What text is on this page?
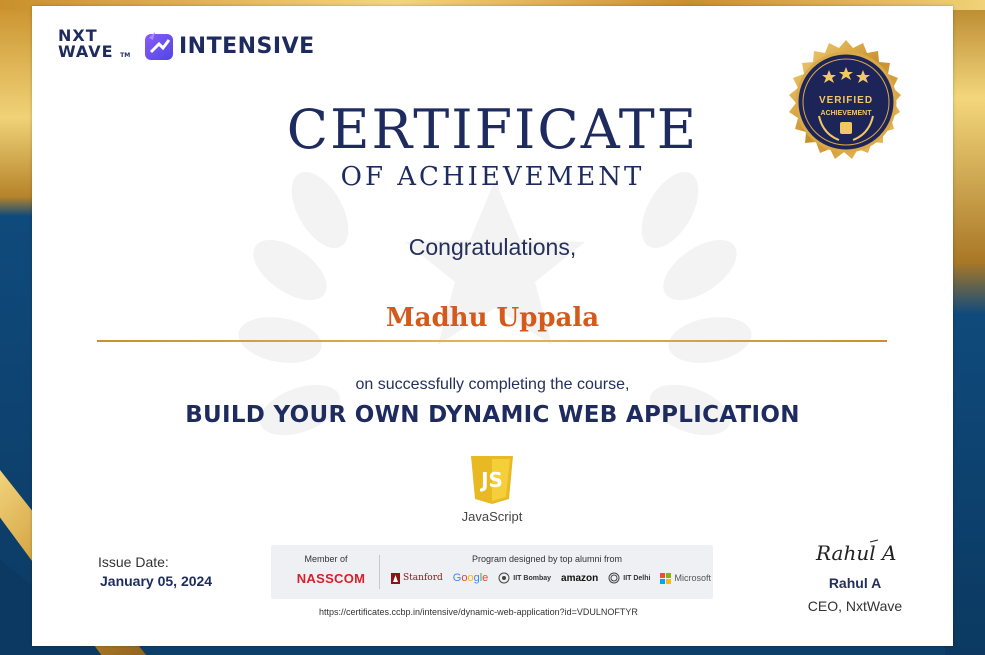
NXT
WAVE TM INTENSIVE
VERIFIED
ACHIEVEMENT
CERTIFICATE
OF ACHIEVEMENT
Congratulations,
Madhu Uppala
on successfully completing the course,
BUILD YOUR OWN DYNAMIC WEB APPLICATION
JS
JavaScript
Issue Date:
January 05, 2024
Member of
NASSCOM
Program designed by top alumni from
Stanford G o o g l e	IIT Bombay amazon	IIT Delhi	Microsoft
https://certificates.ccbp.in/intensive/dynamic-web-application?id=VDULNOFTYR
Rahul A
Rahul A
CEO, NxtWave
